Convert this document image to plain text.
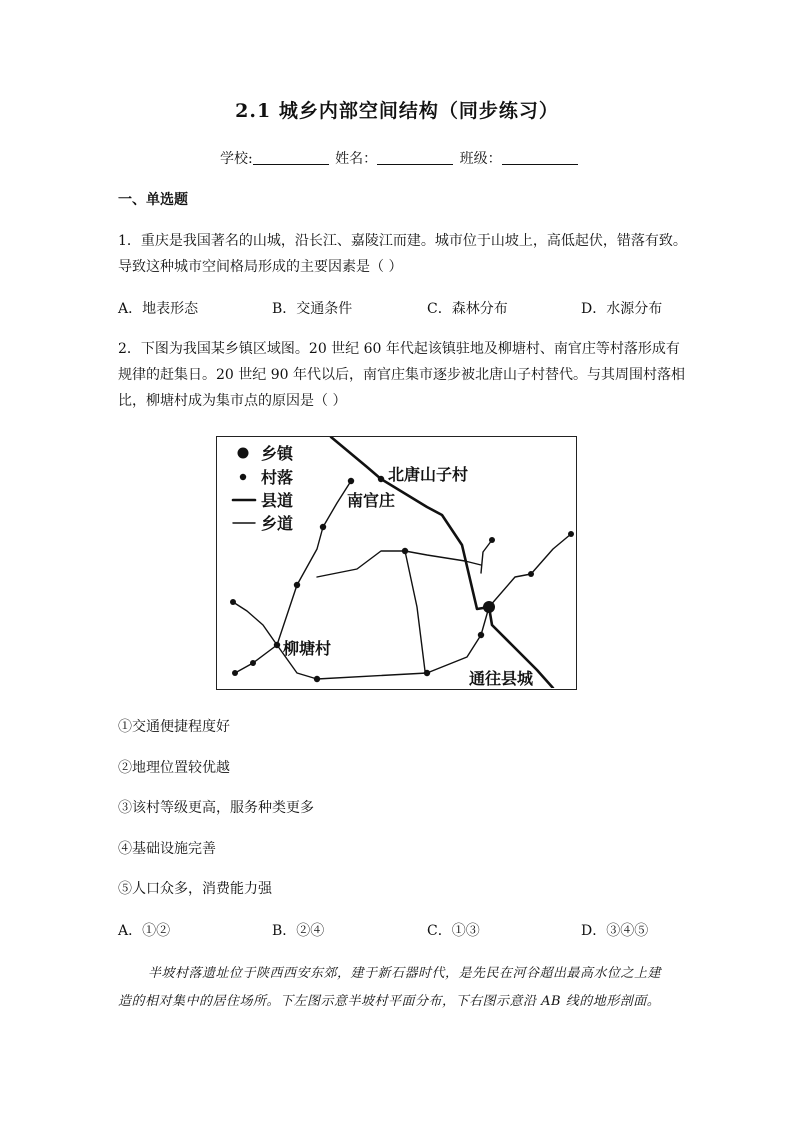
2.1 城乡内部空间结构（同步练习）
学校:	姓名：	班级：
一、单选题
1．重庆是我国著名的山城，沿长江、嘉陵江而建。城市位于山坡上，高低起伏，错落有致。
导致这种城市空间格局形成的主要因素是（ ）
A．地表形态	B．交通条件	C．森林分布	D．水源分布
2．下图为我国某乡镇区域图。20 世纪 60 年代起该镇驻地及柳塘村、南官庄等村落形成有
规律的赶集日。20 世纪 90 年代以后，南官庄集市逐步被北唐山子村替代。与其周围村落相
比，柳塘村成为集市点的原因是（ ）
乡镇
村落
县道
乡道
北唐山子村
南官庄
柳塘村
通往县城
①交通便捷程度好
②地理位置较优越
③该村等级更高，服务种类更多
④基础设施完善
⑤人口众多，消费能力强
A．①②	B．②④	C．①③	D．③④⑤
半坡村落遗址位于陕西西安东郊，建于新石器时代，是先民在河谷超出最高水位之上建
造的相对集中的居住场所。下左图示意半坡村平面分布，下右图示意沿 AB 线的地形剖面。
